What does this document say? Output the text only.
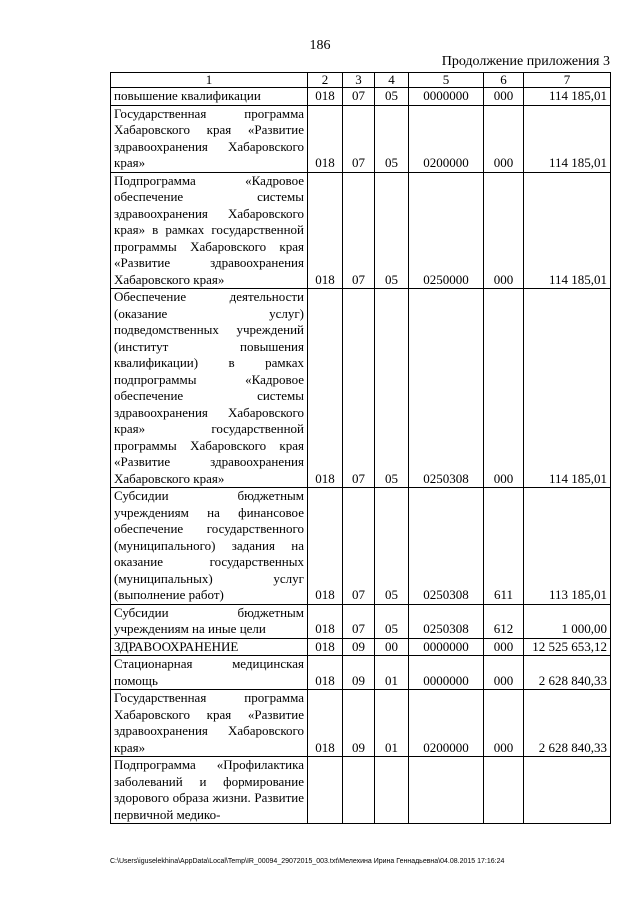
186
Продолжение приложения 3
1	2	3	4	5	6	7
повышение квалификации	018	07	05	0000000	000	114 185,01
Государственная программа Хабаровского края «Развитие здравоохранения Хабаровского края»	018	07	05	0200000	000	114 185,01
Подпрограмма «Кадровое обеспечение системы здравоохранения Хабаровского края» в рамках государственной программы Хабаровского края «Развитие здравоохранения Хабаровского края»	018	07	05	0250000	000	114 185,01
Обеспечение деятельности (оказание услуг) подведомственных учреждений (институт повышения квалификации) в рамках подпрограммы «Кадровое обеспечение системы здравоохранения Хабаровского края» государственной программы Хабаровского края «Развитие здравоохранения Хабаровского края»	018	07	05	0250308	000	114 185,01
Субсидии бюджетным учреждениям на финансовое обеспечение государственного (муниципального) задания на оказание государственных (муниципальных) услуг (выполнение работ)	018	07	05	0250308	611	113 185,01
Субсидии бюджетным учреждениям на иные цели	018	07	05	0250308	612	1 000,00
ЗДРАВООХРАНЕНИЕ	018	09	00	0000000	000	12 525 653,12
Стационарная медицинская помощь	018	09	01	0000000	000	2 628 840,33
Государственная программа Хабаровского края «Развитие здравоохранения Хабаровского края»	018	09	01	0200000	000	2 628 840,33
Подпрограмма «Профилактика заболеваний и формирование здорового образа жизни. Развитие первичной медико-						
C:\Users\iguselekhina\AppData\Local\Temp\IR_00094_29072015_003.txt\Мелехина Ирина Геннадьевна\04.08.2015 17:16:24
